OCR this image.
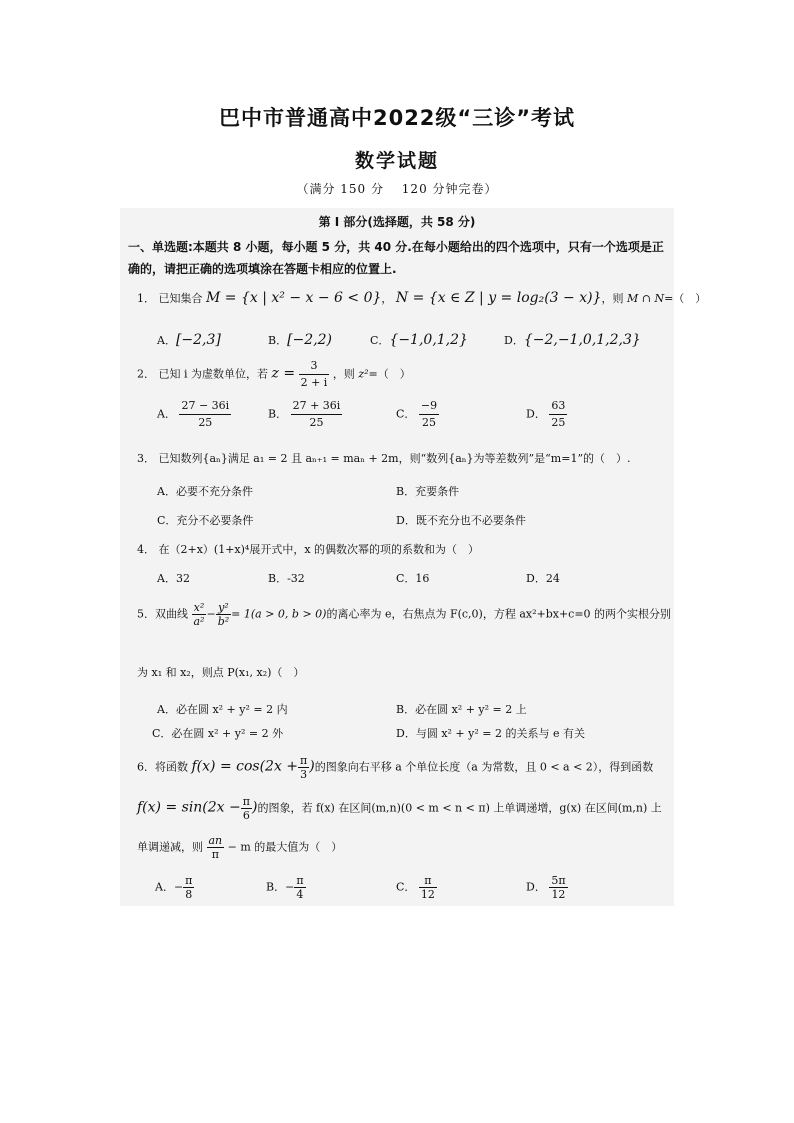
巴中市普通高中2022级“三诊”考试
数学试题
（满分 150 分　 120 分钟完卷）
第 I 部分(选择题，共 58 分)
一、单选题:本题共 8 小题，每小题 5 分，共 40 分.在每小题给出的四个选项中，只有一个选项是正确的，请把正确的选项填涂在答题卡相应的位置上.
1． 已知集合 M = {x | x² − x − 6 < 0}， N = {x ∈ Z | y = log₂(3 − x)}，则 M ∩ N=（　）
A．[−2,3]	B．[−2,2)	C．{−1,0,1,2}	D．{−2,−1,0,1,2,3}
2． 已知 i 为虚数单位，若 $z = \frac{3}{2 + i}$ ，则 z²=（　）
A． $\frac{27 - 36i}{25}$	B． $\frac{27 + 36i}{25}$	C． $\frac{-9}{25}$	D． $\frac{63}{25}$
3． 已知数列{aₙ}满足 a₁ = 2 且 aₙ₊₁ = maₙ + 2m，则“数列{aₙ}为等差数列”是“m=1”的（　）.
A．必要不充分条件	B．充要条件
C．充分不必要条件	D．既不充分也不必要条件
4． 在（2+x）(1+x)⁴展开式中，x 的偶数次幂的项的系数和为（　）
A．32	B．-32	C．16	D．24
5．双曲线 $\frac{\text{x²}}{\text{a²}} - \frac{\text{y²}}{\text{b²}} = 1(a > 0$, b > 0)的离心率为 e，右焦点为 F(c,0)，方程 ax²+bx+c=0 的两个实根分别
为 x₁ 和 x₂，则点 P(x₁, x₂)（　）
A．必在圆 x² + y² = 2 内	B．必在圆 x² + y² = 2 上
C．必在圆 x² + y² = 2 外	D．与圆 x² + y² = 2 的关系与 e 有关
6．将函数 $f(x) = \cos(2x + \frac{\pi}{3}$ )的图象向右平移 a 个单位长度（a 为常数，且 0 < a < 2），得到函数
$f(x) = \sin(2x - \frac{\pi}{6}$ )的图象，若 f(x) 在区间(m,n)(0 < m < n < π) 上单调递增，g(x) 在区间(m,n) 上
单调递减，则 $\frac{an}{\pi} - m$ 的最大值为（　）
A．− $\frac{\pi}{8}$	B．− $\frac{\pi}{4}$	C． $\frac{\pi}{12}$	D． $\frac{5\pi}{12}$
